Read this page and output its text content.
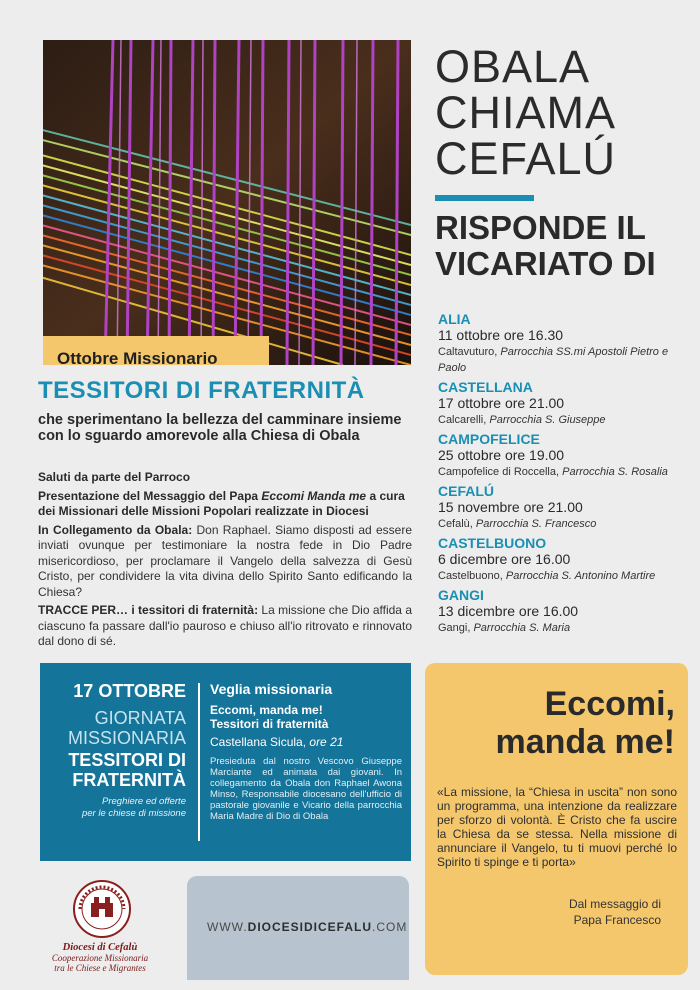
Ottobre Missionario
OBALA
CHIAMA
CEFALÚ
RISPONDE IL
VICARIATO DI
ALIA
11 ottobre ore 16.30
Caltavuturo, Parrocchia SS.mi Apostoli Pietro e Paolo
CASTELLANA
17 ottobre ore 21.00
Calcarelli, Parrocchia S. Giuseppe
CAMPOFELICE
25 ottobre ore 19.00
Campofelice di Roccella, Parrocchia S. Rosalia
CEFALÚ
15 novembre ore 21.00
Cefalù, Parrocchia S. Francesco
CASTELBUONO
6 dicembre ore 16.00
Castelbuono, Parrocchia S. Antonino Martire
GANGI
13 dicembre ore 16.00
Gangi, Parrocchia S. Maria
TESSITORI DI FRATERNITÀ
che sperimentano la bellezza del camminare insieme con lo sguardo amorevole alla Chiesa di Obala

Saluti da parte del Parroco

Presentazione del Messaggio del Papa Eccomi Manda me a cura dei Missionari delle Missioni Popolari realizzate in Diocesi

In Collegamento da Obala: Don Raphael. Siamo disposti ad essere inviati ovunque per testimoniare la nostra fede in Dio Padre misericordioso, per proclamare il Vangelo della salvezza di Gesù Cristo, per condividere la vita divina dello Spirito Santo edificando la Chiesa?

TRACCE PER… i tessitori di fraternità: La missione che Dio affida a ciascuno fa passare dall'io pauroso e chiuso all'io ritrovato e rinnovato dal dono di sé.

17 OTTOBRE
GIORNATA
MISSIONARIA
TESSITORI DI
FRATERNITÀ
Preghiere ed offerte
per le chiese di missione
Veglia missionaria
Eccomi, manda me!
Tessitori di fraternità
Castellana Sicula, ore 21
Presieduta dal nostro Vescovo Giuseppe Marciante ed animata dai giovani. In collegamento da Obala don Raphael Awona Minso, Responsabile diocesano dell'ufficio di pastorale giovanile e Vicario della parrocchia Maria Madre di Dio di Obala
Eccomi,
manda me!
«La missione, la “Chiesa in uscita” non sono un programma, una intenzione da realizzare per sforzo di volontà. È Cristo che fa uscire la Chiesa da se stessa. Nella missione di annunciare il Vangelo, tu ti muovi perché lo Spirito ti spinge e ti porta»
Dal messaggio di
Papa Francesco
WWW.DIOCESIDICEFALU.COM
Diocesi di Cefalù
Cooperazione Missionaria
tra le Chiese e Migrantes
